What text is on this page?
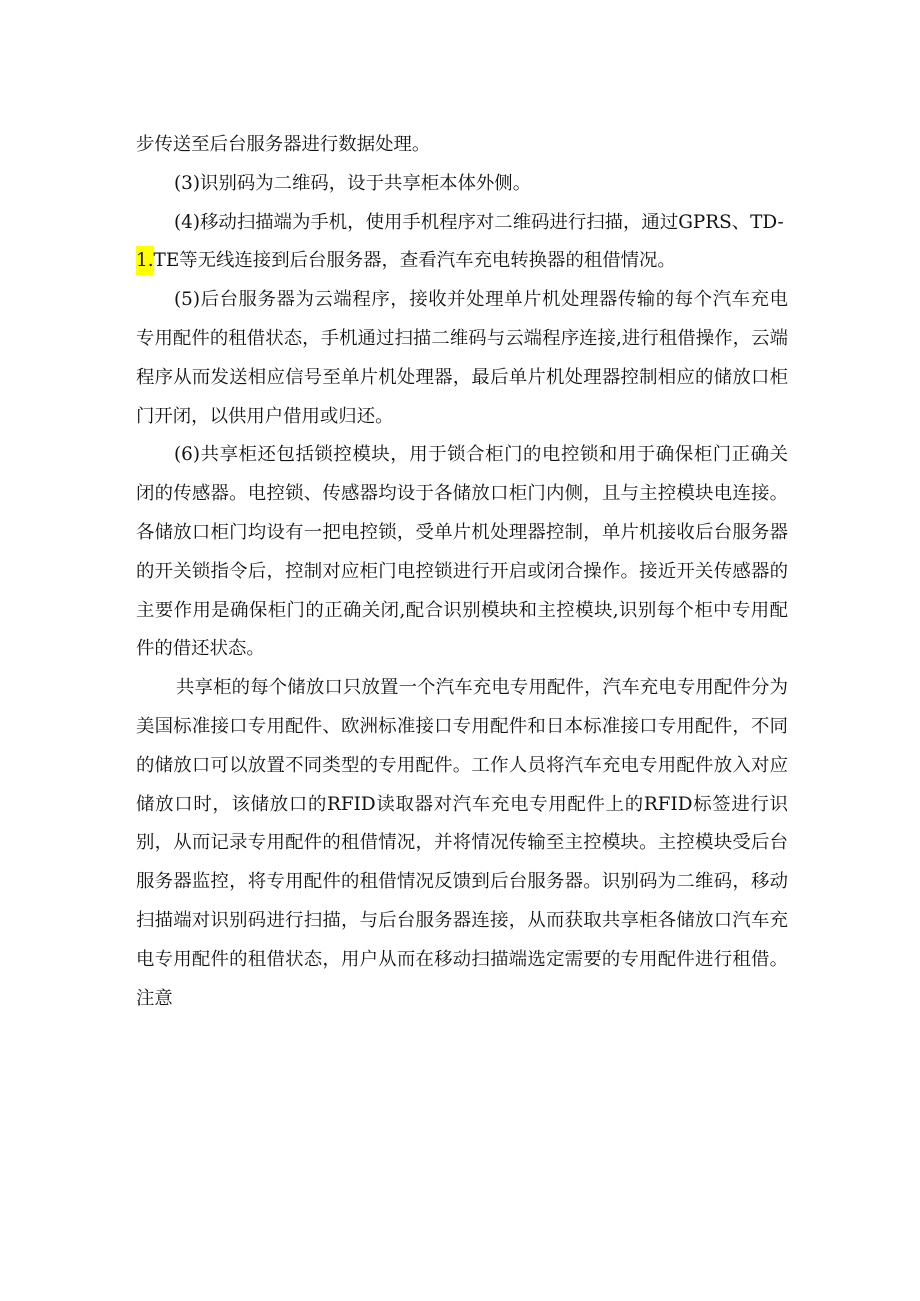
步传送至后台服务器进行数据处理。

(3)识别码为二维码，设于共享柜本体外侧。

(4)移动扫描端为手机，使用手机程序对二维码进行扫描，通过GPRS、TD-
1.TE等无线连接到后台服务器，查看汽车充电转换器的租借情况。

(5)后台服务器为云端程序，接收并处理单片机处理器传输的每个汽车充电专用配件的租借状态，手机通过扫描二维码与云端程序连接,进行租借操作，云端程序从而发送相应信号至单片机处理器，最后单片机处理器控制相应的储放口柜门开闭，以供用户借用或归还。

(6)共享柜还包括锁控模块，用于锁合柜门的电控锁和用于确保柜门正确关闭的传感器。电控锁、传感器均设于各储放口柜门内侧，且与主控模块电连接。各储放口柜门均设有一把电控锁，受单片机处理器控制，单片机接收后台服务器的开关锁指令后，控制对应柜门电控锁进行开启或闭合操作。接近开关传感器的主要作用是确保柜门的正确关闭,配合识别模块和主控模块,识别每个柜中专用配件的借还状态。

共享柜的每个储放口只放置一个汽车充电专用配件，汽车充电专用配件分为美国标准接口专用配件、欧洲标准接口专用配件和日本标准接口专用配件，不同的储放口可以放置不同类型的专用配件。工作人员将汽车充电专用配件放入对应储放口时，该储放口的RFID读取器对汽车充电专用配件上的RFID标签进行识别，从而记录专用配件的租借情况，并将情况传输至主控模块。主控模块受后台服务器监控，将专用配件的租借情况反馈到后台服务器。识别码为二维码，移动扫描端对识别码进行扫描，与后台服务器连接，从而获取共享柜各储放口汽车充电专用配件的租借状态，用户从而在移动扫描端选定需要的专用配件进行租借。注意
